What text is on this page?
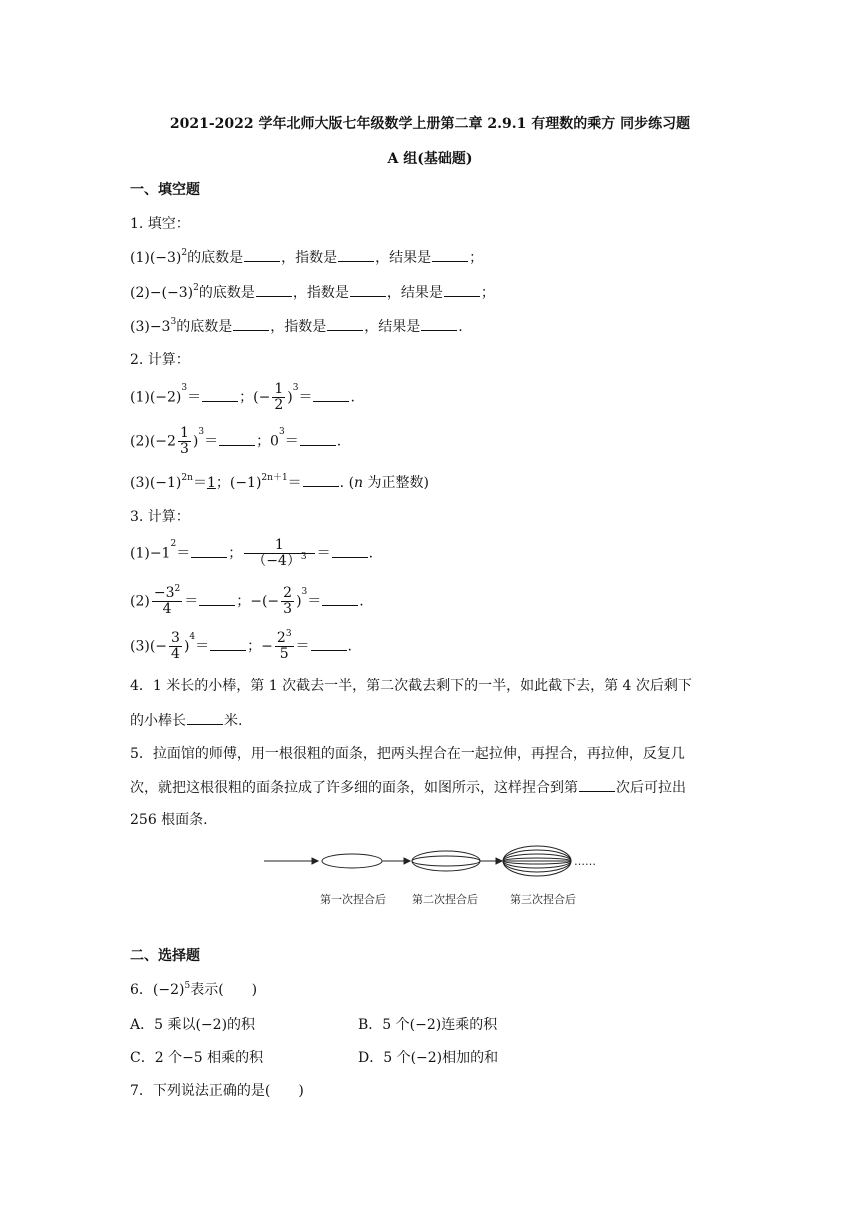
2021-2022 学年北师大版七年级数学上册第二章 2.9.1 有理数的乘方 同步练习题
A 组(基础题)
一、填空题
1. 填空：
$(1)(-3)^2$的底数是	，指数是	，结果是	；
$(2)-(-3)^2$的底数是	，指数是	，结果是	；
$(3)-3^3$的底数是	，指数是	，结果是	.
2. 计算：
$(1)(-2)^3=$	；(− $\frac{1}{2} )^3=$	.
$(2)(-2 \frac{1}{3} )^3=$	；$0^3=$	.
$(3)(-1)^{2n}=1$；$(-1)^{2n+1}=$	. (n 为正整数)
3. 计算：
$(1)-1^2=$	； $\frac{1}{(-4)^3}$ ＝	.
$(2) \frac{-3^2}{4}$ ＝	；−(− $\frac{2}{3} )^3=$	.
$(3)(- \frac{3}{4} )^4=$	；− $\frac{2^3}{5}$ ＝	.
4．1 米长的小棒，第 1 次截去一半，第二次截去剩下的一半，如此截下去，第 4 次后剩下
的小棒长	米.
5．拉面馆的师傅，用一根很粗的面条，把两头捏合在一起拉伸，再捏合，再拉伸，反复几
次，就把这根很粗的面条拉成了许多细的面条，如图所示，这样捏合到第	次后可拉出
256 根面条.
……
第一次捏合后 第二次捏合后	第三次捏合后
二、选择题
6．$(-2)^5$表示(　　)
A．5 乘以(−2)的积	B．5 个(−2)连乘的积
C．2 个−5 相乘的积	D．5 个(−2)相加的和
7．下列说法正确的是(　　)
